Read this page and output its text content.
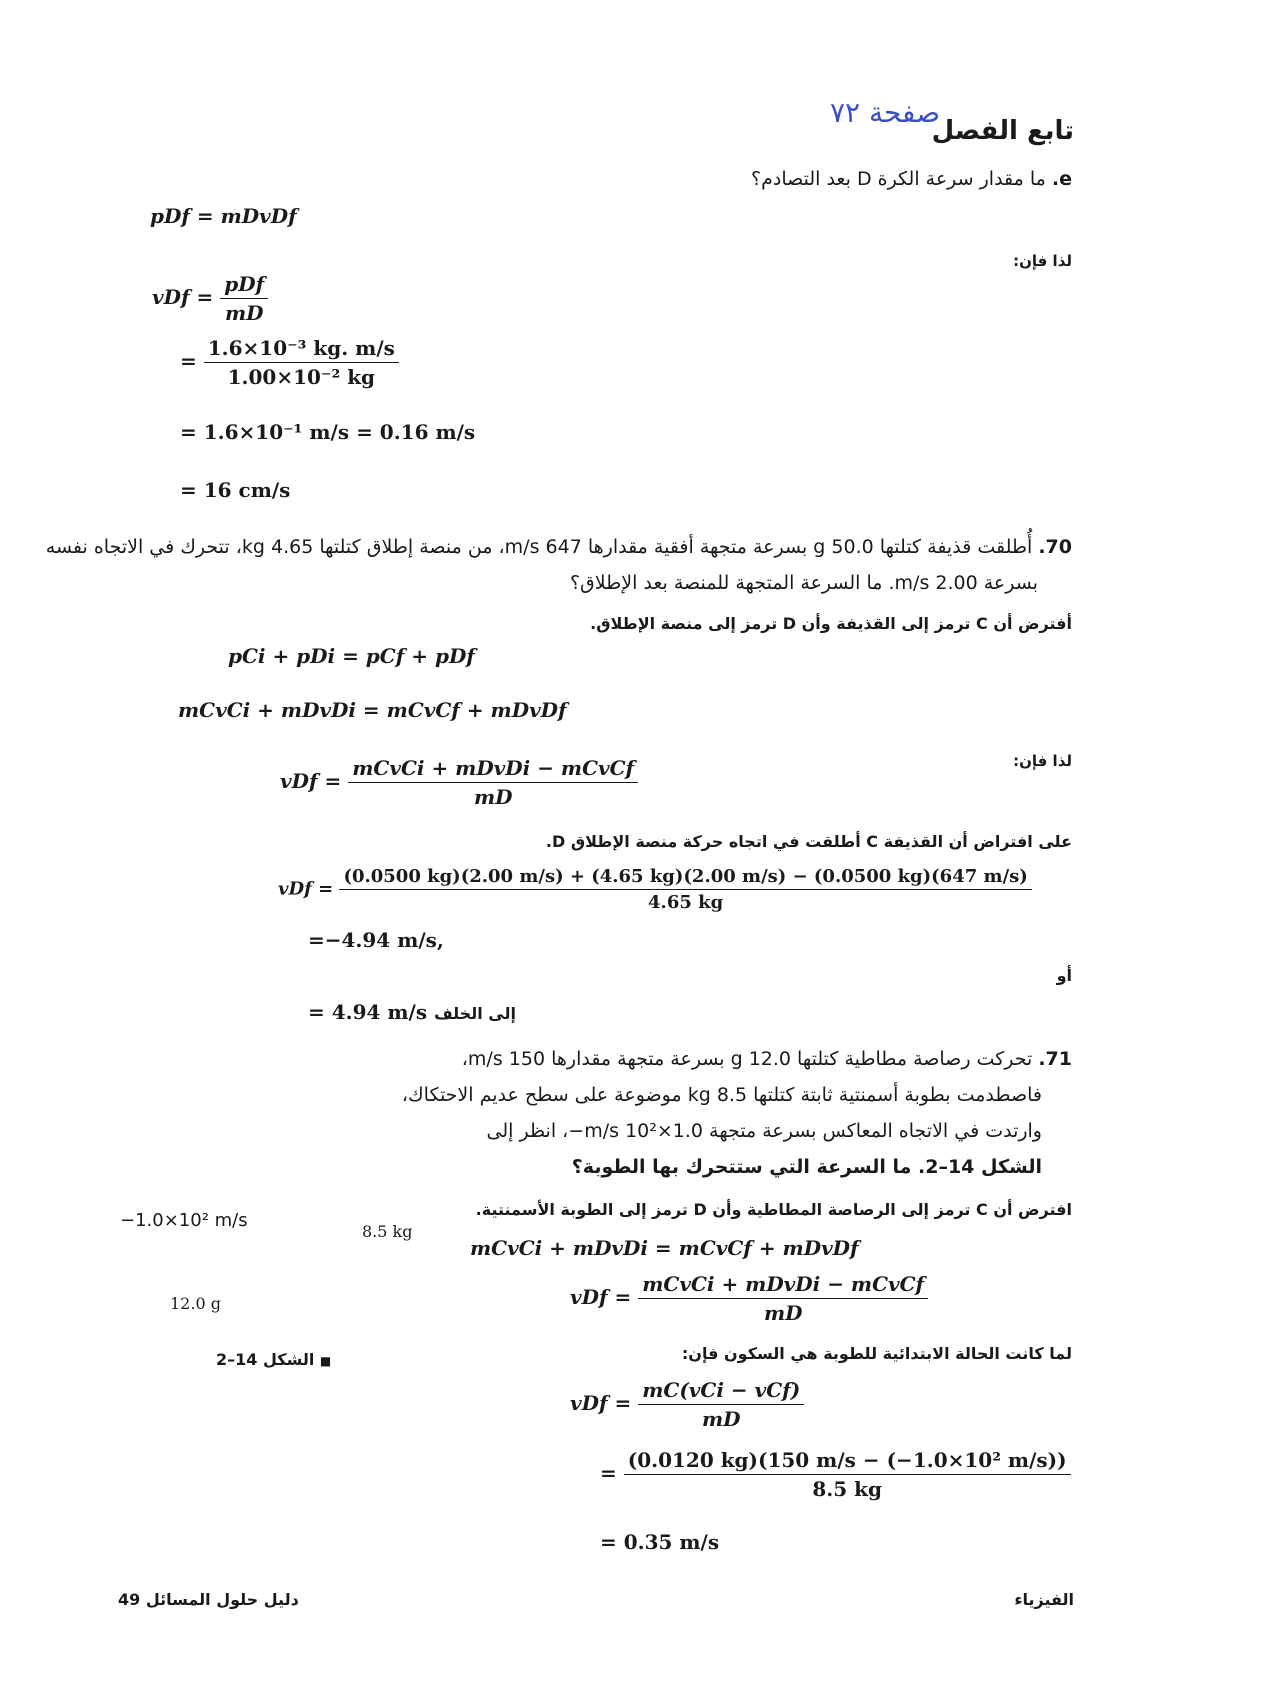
تابع الفصل
صفحة ٧٢
e. ما مقدار سرعة الكرة D بعد التصادم؟
pDf = mDvDf
لذا فإن:
vDf = $\frac{\text{pDf}}{mD}$
= $\frac{\text{1.6×10⁻³ kg. m/s}}{\text{1.00×10⁻² kg}}$
= 1.6×10⁻¹ m/s = 0.16 m/s
= 16 cm/s
70. أُطلقت قذيفة كتلتها 50.0 g بسرعة متجهة أفقية مقدارها 647 m/s، من منصة إطلاق كتلتها 4.65 kg، تتحرك في الاتجاه نفسه
بسرعة 2.00 m/s. ما السرعة المتجهة للمنصة بعد الإطلاق؟
أفترض أن C ترمز إلى القذيفة وأن D ترمز إلى منصة الإطلاق.
pCi + pDi = pCf + pDf
mCvCi + mDvDi = mCvCf + mDvDf
لذا فإن:
vDf = $\frac{\text{mCvCi + mDvDi − mCvCf}}{mD}$
على افتراض أن القذيفة C أطلقت في اتجاه حركة منصة الإطلاق D.
vDf =
(0.0500 kg)(2.00 m/s) + (4.65 kg)(2.00 m/s) − (0.0500 kg)(647 m/s)
4.65 kg
=−4.94 m/s,
أو
= 4.94 m/s إلى الخلف
71. تحركت رصاصة مطاطية كتلتها 12.0 g بسرعة متجهة مقدارها 150 m/s،
فاصطدمت بطوبة أسمنتية ثابتة كتلتها 8.5 kg موضوعة على سطح عديم الاحتكاك،
وارتدت في الاتجاه المعاكس بسرعة متجهة 1.0×10² m/s−، انظر إلى
الشكل 14–2. ما السرعة التي ستتحرك بها الطوبة؟
افترض أن C ترمز إلى الرصاصة المطاطية وأن D ترمز إلى الطوبة الأسمنتية.
mCvCi + mDvDi = mCvCf + mDvDf
vDf = $\frac{\text{mCvCi + mDvDi − mCvCf}}{mD}$
لما كانت الحالة الابتدائية للطوبة هي السكون فإن:
vDf = $\frac{\text{mC(vCi − vCf)}}{mD}$
= $\frac{\text{(0.0120 kg)(150 m/s − (−1.0×10² m/s))}}{8.5 kg}$
= 0.35 m/s
−1.0×10² m/s
8.5 kg
12.0 g
■ الشكل 14–2
دليل حلول المسائل 49	الفيزياء
